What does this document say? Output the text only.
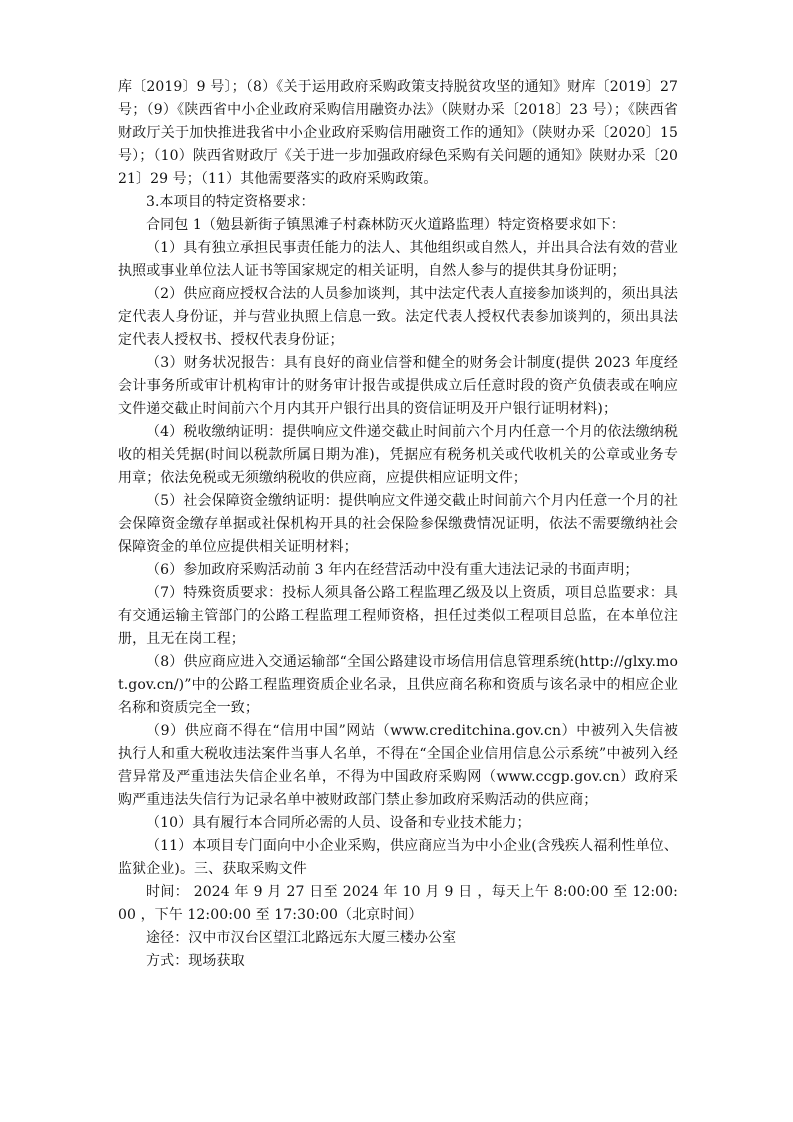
库〔2019〕9 号〕；（8）《关于运用政府采购政策支持脱贫攻坚的通知》财库〔2019〕27 号；（9）《陕西省中小企业政府采购信用融资办法》（陕财办采〔2018〕23 号）；《陕西省财政厅关于加快推进我省中小企业政府采购信用融资工作的通知》（陕财办采〔2020〕15 号）；（10）陕西省财政厅《关于进一步加强政府绿色采购有关问题的通知》陕财办采〔2021〕29 号；（11）其他需要落实的政府采购政策。

3.本项目的特定资格要求：

合同包 1（勉县新街子镇黑滩子村森林防灭火道路监理）特定资格要求如下：

（1）具有独立承担民事责任能力的法人、其他组织或自然人，并出具合法有效的营业执照或事业单位法人证书等国家规定的相关证明，自然人参与的提供其身份证明；

（2）供应商应授权合法的人员参加谈判，其中法定代表人直接参加谈判的，须出具法定代表人身份证，并与营业执照上信息一致。法定代表人授权代表参加谈判的，须出具法定代表人授权书、授权代表身份证；

（3）财务状况报告：具有良好的商业信誉和健全的财务会计制度(提供 2023 年度经会计事务所或审计机构审计的财务审计报告或提供成立后任意时段的资产负债表或在响应文件递交截止时间前六个月内其开户银行出具的资信证明及开户银行证明材料)；

（4）税收缴纳证明：提供响应文件递交截止时间前六个月内任意一个月的依法缴纳税收的相关凭据(时间以税款所属日期为准)，凭据应有税务机关或代收机关的公章或业务专用章；依法免税或无须缴纳税收的供应商，应提供相应证明文件；

（5）社会保障资金缴纳证明：提供响应文件递交截止时间前六个月内任意一个月的社会保障资金缴存单据或社保机构开具的社会保险参保缴费情况证明，依法不需要缴纳社会保障资金的单位应提供相关证明材料；

（6）参加政府采购活动前 3 年内在经营活动中没有重大违法记录的书面声明；

（7）特殊资质要求：投标人须具备公路工程监理乙级及以上资质，项目总监要求：具有交通运输主管部门的公路工程监理工程师资格，担任过类似工程项目总监，在本单位注册，且无在岗工程；

（8）供应商应进入交通运输部“全国公路建设市场信用信息管理系统(http://glxy.mot.gov.cn/)”中的公路工程监理资质企业名录，且供应商名称和资质与该名录中的相应企业名称和资质完全一致；

（9）供应商不得在“信用中国”网站（www.creditchina.gov.cn）中被列入失信被执行人和重大税收违法案件当事人名单，不得在“全国企业信用信息公示系统”中被列入经营异常及严重违法失信企业名单，不得为中国政府采购网（www.ccgp.gov.cn）政府采购严重违法失信行为记录名单中被财政部门禁止参加政府采购活动的供应商；

（10）具有履行本合同所必需的人员、设备和专业技术能力；

（11）本项目专门面向中小企业采购，供应商应当为中小企业(含残疾人福利性单位、监狱企业)。三、获取采购文件

时间： 2024 年 9 月 27 日至 2024 年 10 月 9 日 ，每天上午 8:00:00 至 12:00:00 ，下午 12:00:00 至 17:30:00（北京时间）

途径：汉中市汉台区望江北路远东大厦三楼办公室

方式：现场获取
